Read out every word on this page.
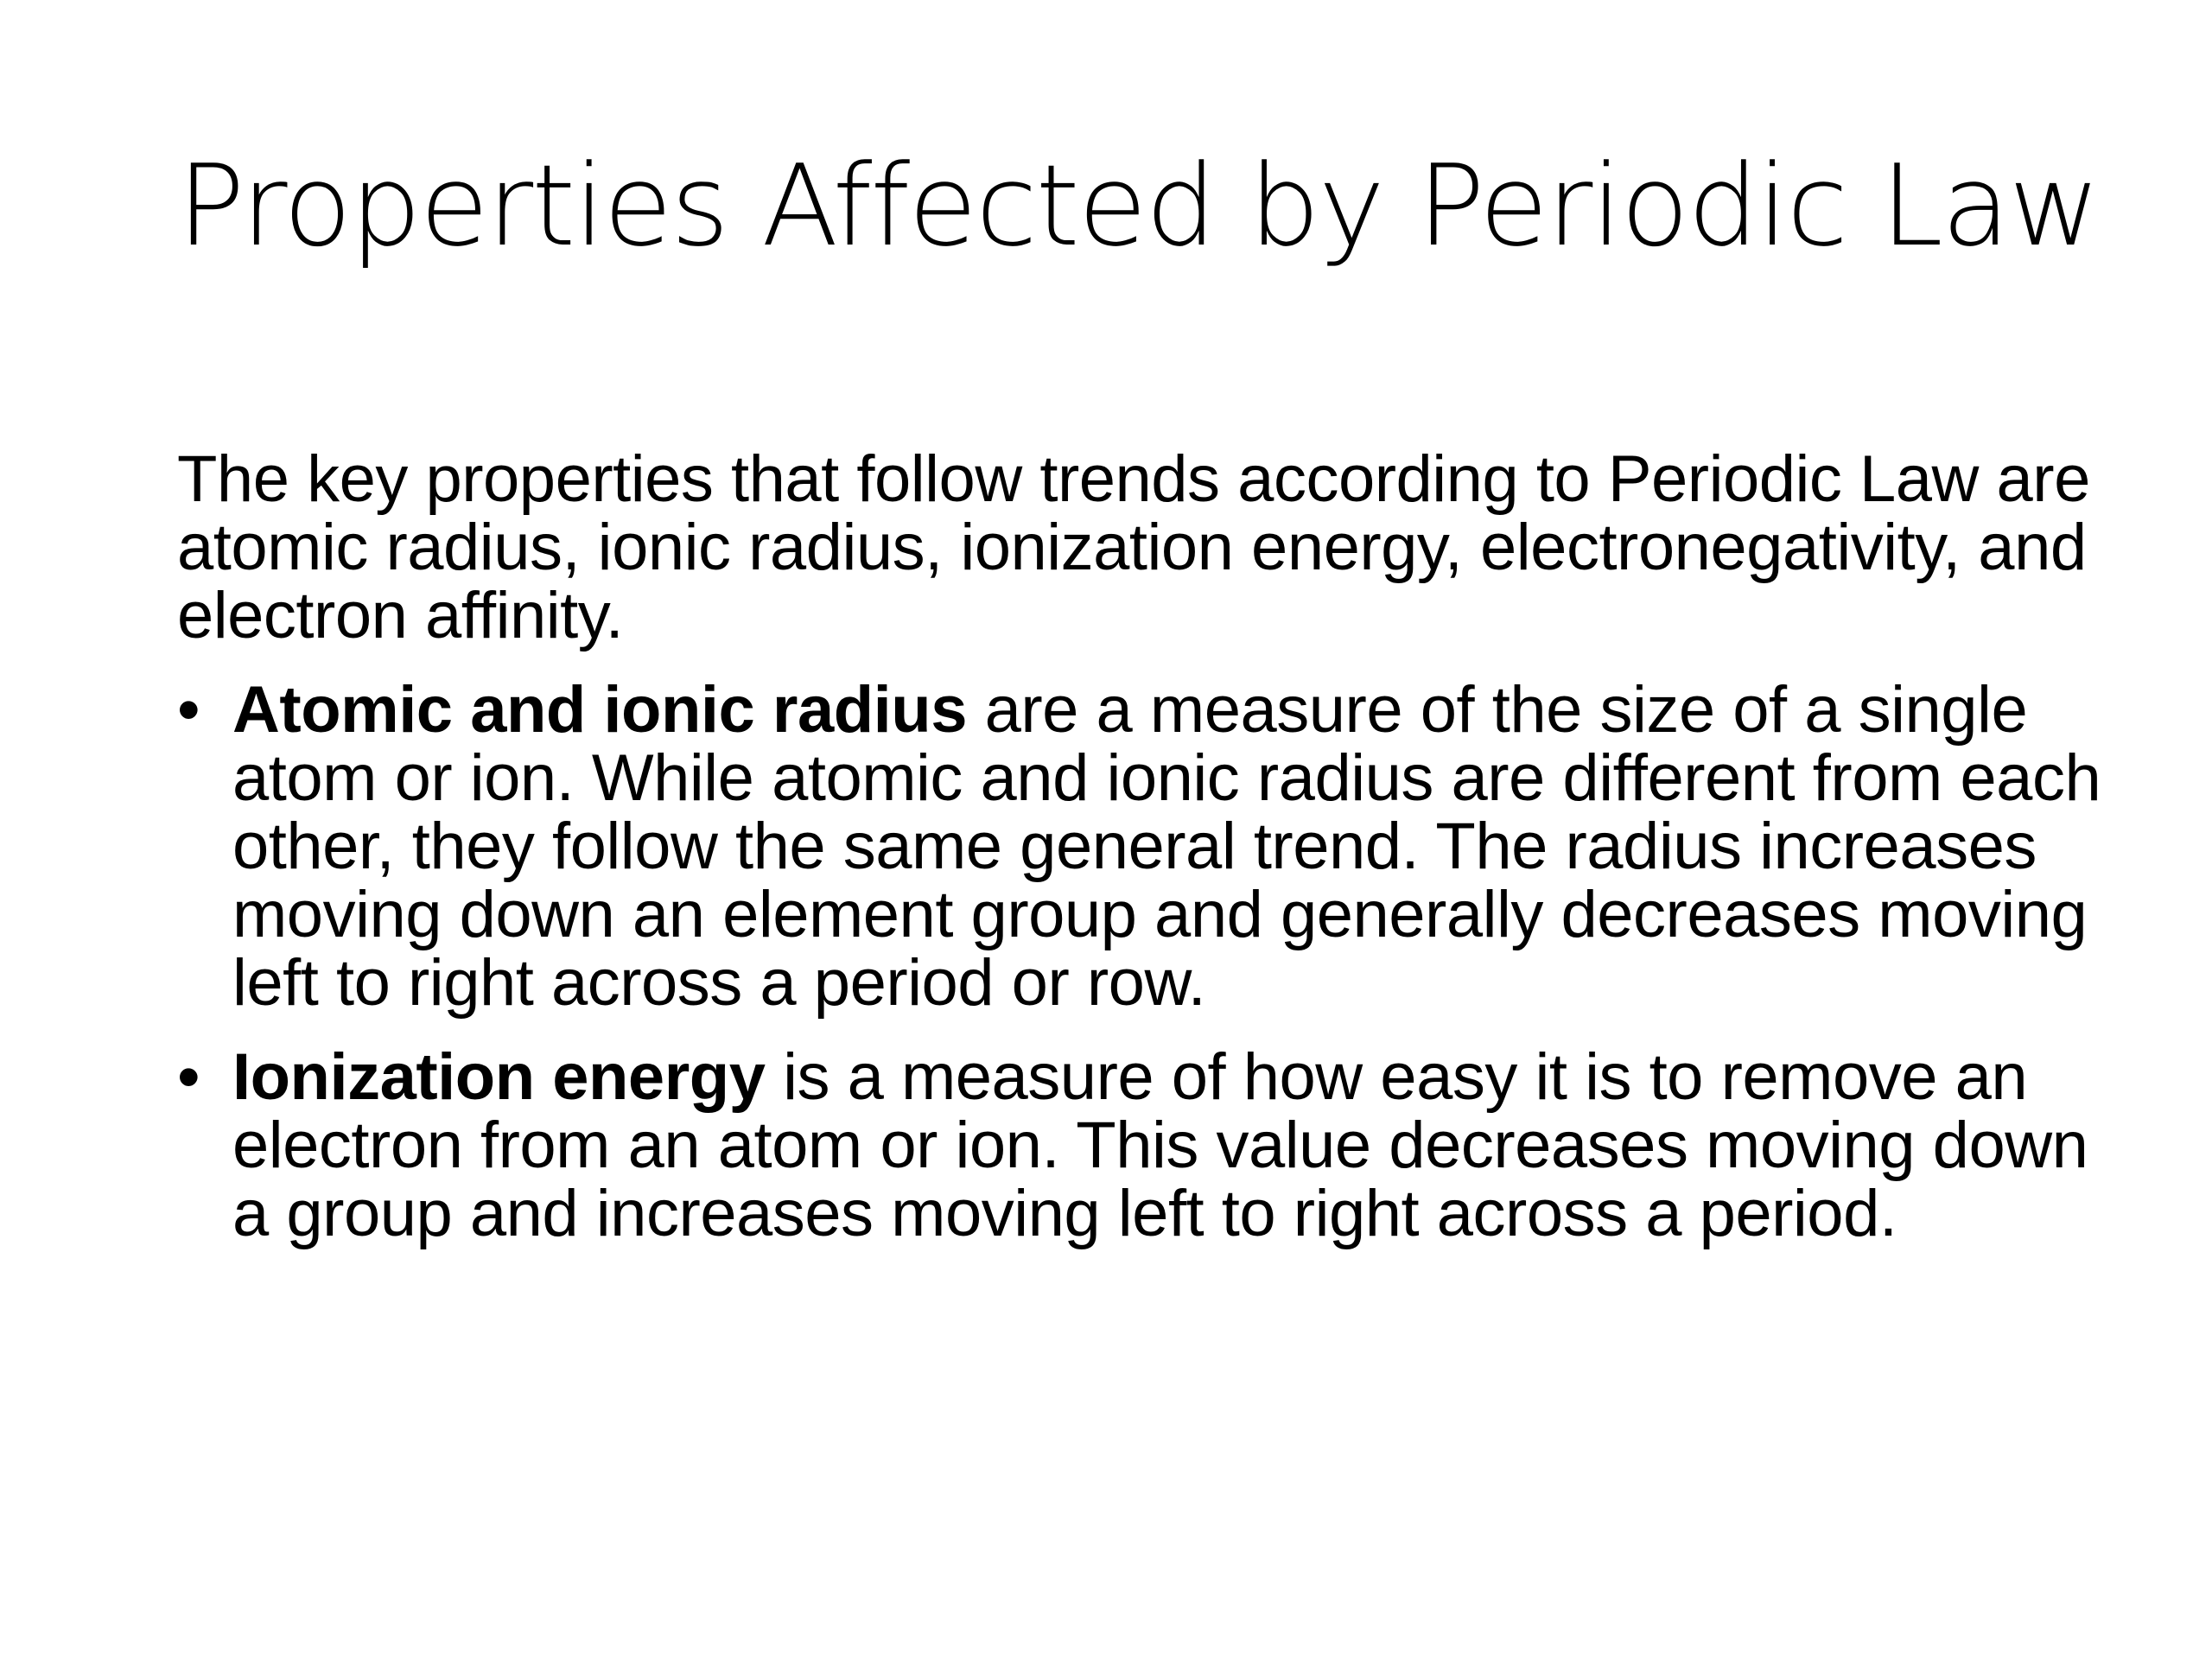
Properties Affected by Periodic Law

The key properties that follow trends according to Periodic Law are atomic radius, ionic radius, ionization energy, electronegativity, and electron affinity.

• Atomic and ionic radius are a measure of the size of a single atom or ion. While atomic and ionic radius are different from each other, they follow the same general trend. The radius increases moving down an element group and generally decreases moving left to right across a period or row.
• Ionization energy is a measure of how easy it is to remove an electron from an atom or ion. This value decreases moving down a group and increases moving left to right across a period.
